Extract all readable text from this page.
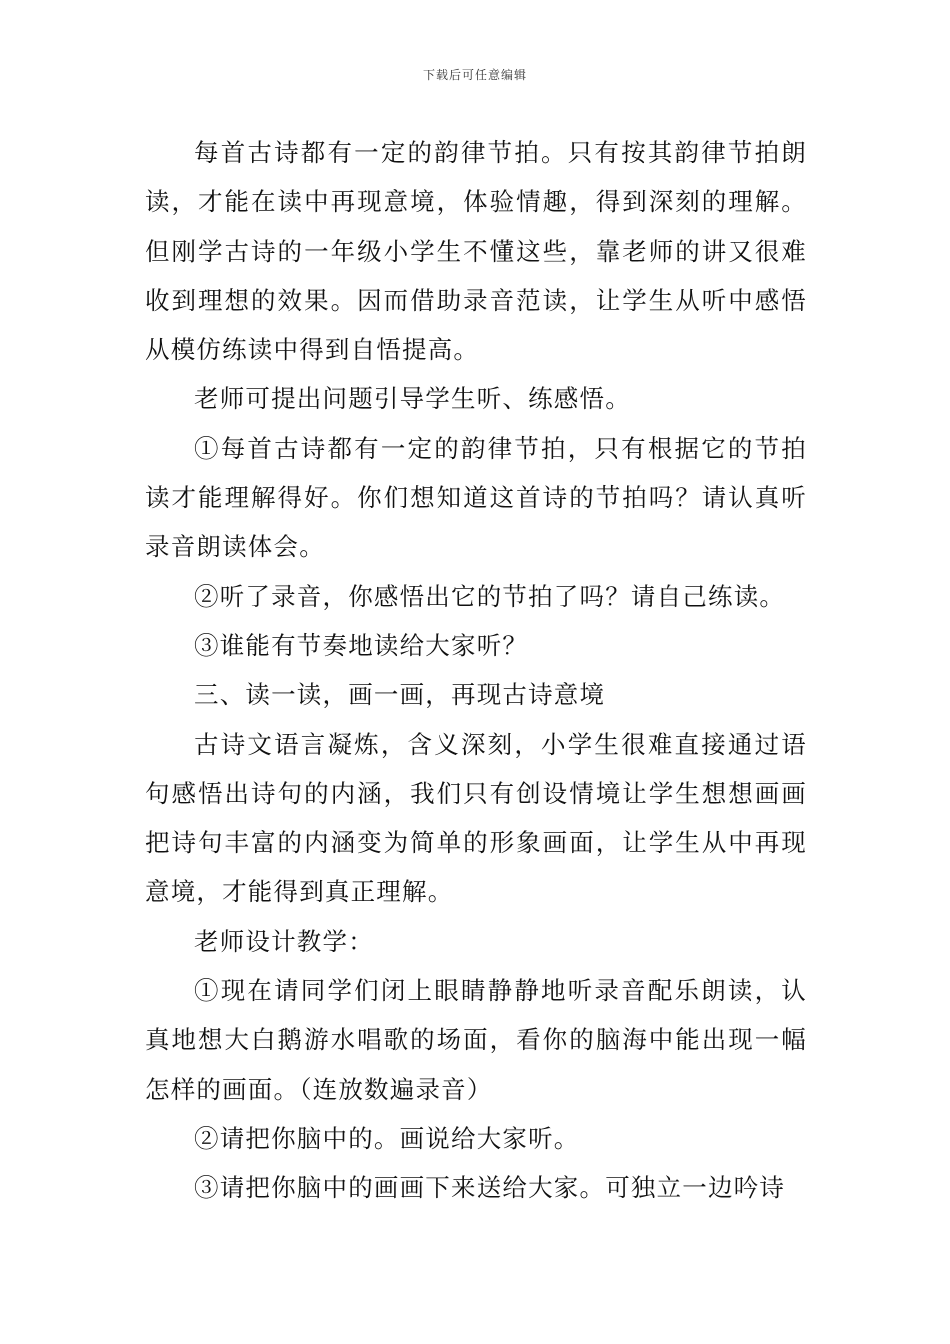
下载后可任意编辑

每首古诗都有一定的韵律节拍。只有按其韵律节拍朗读，才能在读中再现意境，体验情趣，得到深刻的理解。但刚学古诗的一年级小学生不懂这些，靠老师的讲又很难收到理想的效果。因而借助录音范读，让学生从听中感悟从模仿练读中得到自悟提高。

老师可提出问题引导学生听、练感悟。

①每首古诗都有一定的韵律节拍，只有根据它的节拍读才能理解得好。你们想知道这首诗的节拍吗？请认真听录音朗读体会。

②听了录音，你感悟出它的节拍了吗？请自己练读。

③谁能有节奏地读给大家听？

三、读一读，画一画，再现古诗意境

古诗文语言凝炼，含义深刻，小学生很难直接通过语句感悟出诗句的内涵，我们只有创设情境让学生想想画画把诗句丰富的内涵变为简单的形象画面，让学生从中再现意境，才能得到真正理解。

老师设计教学：

①现在请同学们闭上眼睛静静地听录音配乐朗读，认真地想大白鹅游水唱歌的场面，看你的脑海中能出现一幅怎样的画面。（连放数遍录音）

②请把你脑中的。画说给大家听。

③请把你脑中的画画下来送给大家。可独立一边吟诗
